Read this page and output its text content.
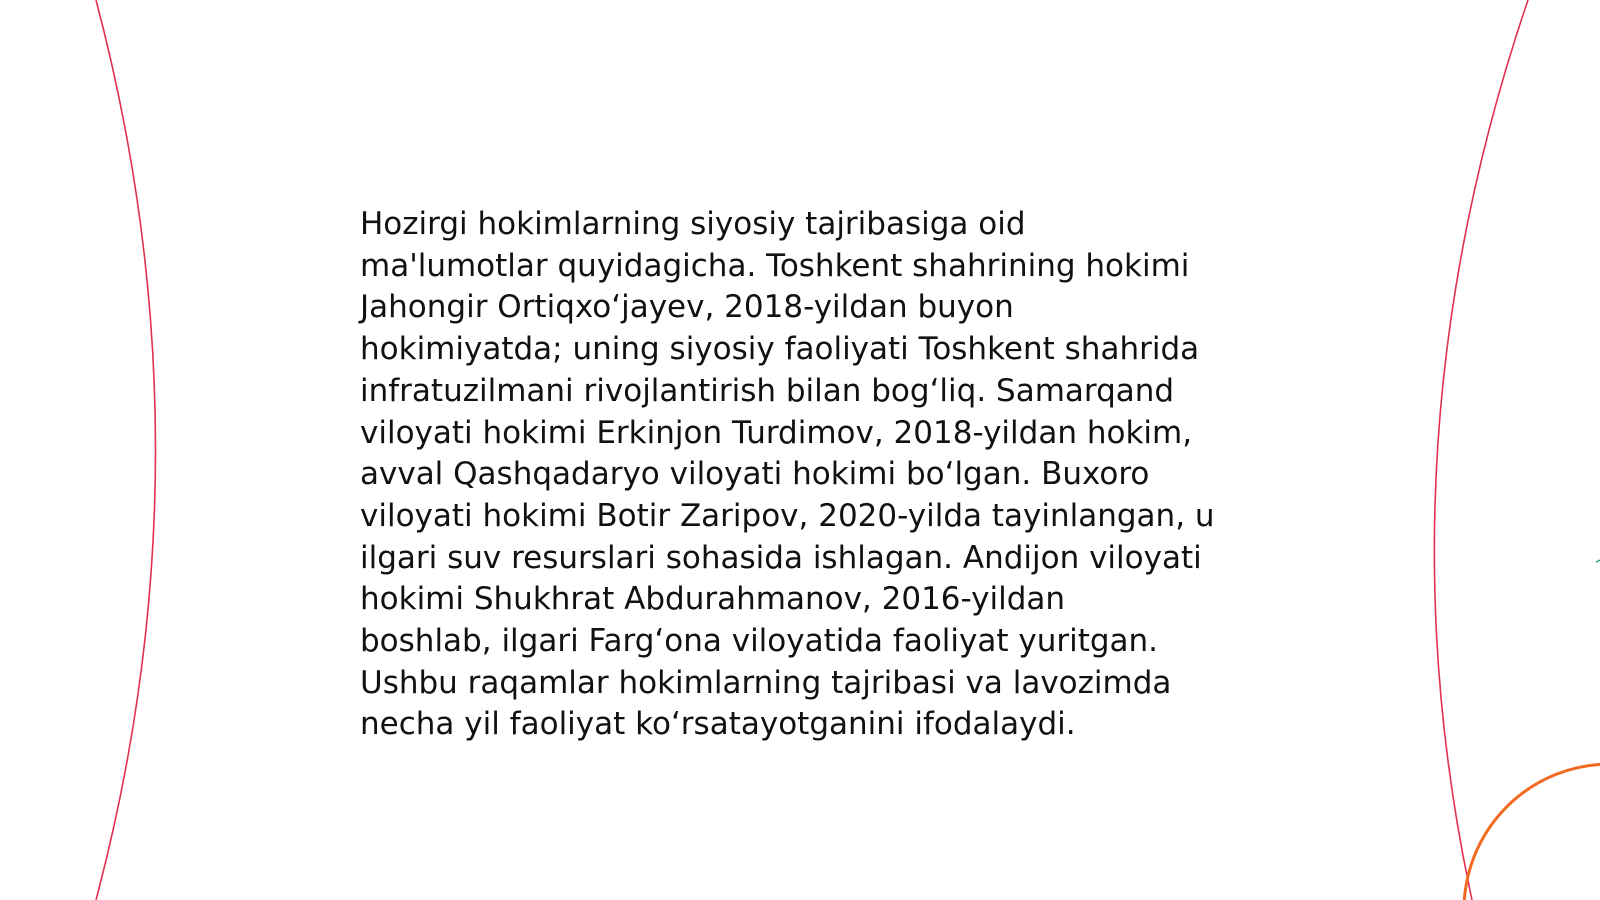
Hozirgi hokimlarning siyosiy tajribasiga oid
ma'lumotlar quyidagicha. Toshkent shahrining hokimi
Jahongir Ortiqxo‘jayev, 2018-yildan buyon
hokimiyatda; uning siyosiy faoliyati Toshkent shahrida
infratuzilmani rivojlantirish bilan bog‘liq. Samarqand
viloyati hokimi Erkinjon Turdimov, 2018-yildan hokim,
avval Qashqadaryo viloyati hokimi bo‘lgan. Buxoro
viloyati hokimi Botir Zaripov, 2020-yilda tayinlangan, u
ilgari suv resurslari sohasida ishlagan. Andijon viloyati
hokimi Shukhrat Abdurahmanov, 2016-yildan
boshlab, ilgari Farg‘ona viloyatida faoliyat yuritgan.
Ushbu raqamlar hokimlarning tajribasi va lavozimda
necha yil faoliyat ko‘rsatayotganini ifodalaydi.
